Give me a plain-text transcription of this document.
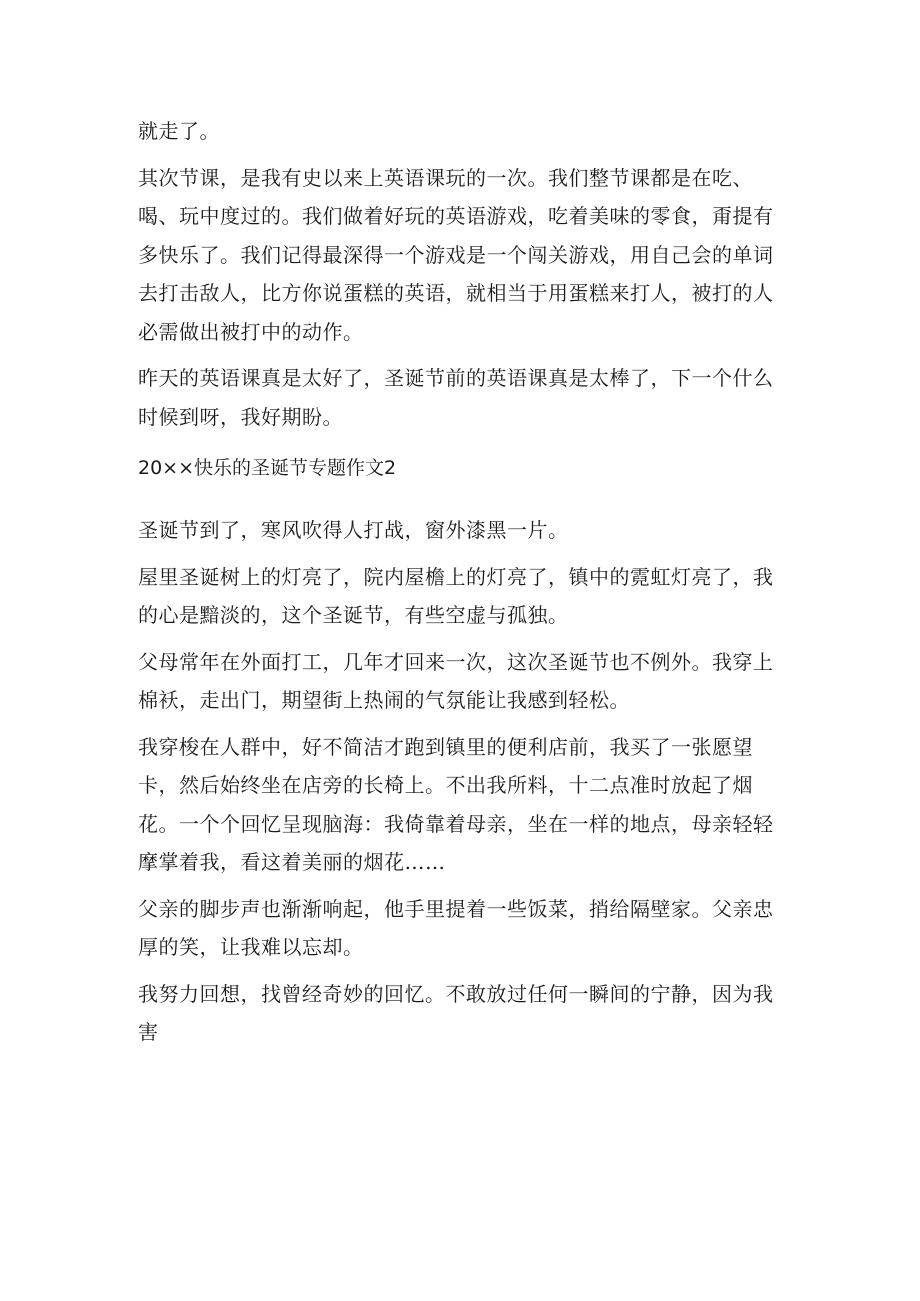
就走了。

其次节课，是我有史以来上英语课玩的一次。我们整节课都是在吃、喝、玩中度过的。我们做着好玩的英语游戏，吃着美味的零食，甭提有多快乐了。我们记得最深得一个游戏是一个闯关游戏，用自己会的单词去打击敌人，比方你说蛋糕的英语，就相当于用蛋糕来打人，被打的人必需做出被打中的动作。

昨天的英语课真是太好了，圣诞节前的英语课真是太棒了，下一个什么时候到呀，我好期盼。

20××快乐的圣诞节专题作文2

圣诞节到了，寒风吹得人打战，窗外漆黑一片。

屋里圣诞树上的灯亮了，院内屋檐上的灯亮了，镇中的霓虹灯亮了，我的心是黯淡的，这个圣诞节，有些空虚与孤独。

父母常年在外面打工，几年才回来一次，这次圣诞节也不例外。我穿上棉袄，走出门，期望街上热闹的气氛能让我感到轻松。

我穿梭在人群中，好不简洁才跑到镇里的便利店前，我买了一张愿望卡，然后始终坐在店旁的长椅上。不出我所料，十二点准时放起了烟花。一个个回忆呈现脑海：我倚靠着母亲，坐在一样的地点，母亲轻轻摩掌着我，看这着美丽的烟花……

父亲的脚步声也渐渐响起，他手里提着一些饭菜，捎给隔壁家。父亲忠厚的笑，让我难以忘却。

我努力回想，找曾经奇妙的回忆。不敢放过任何一瞬间的宁静，因为我害
